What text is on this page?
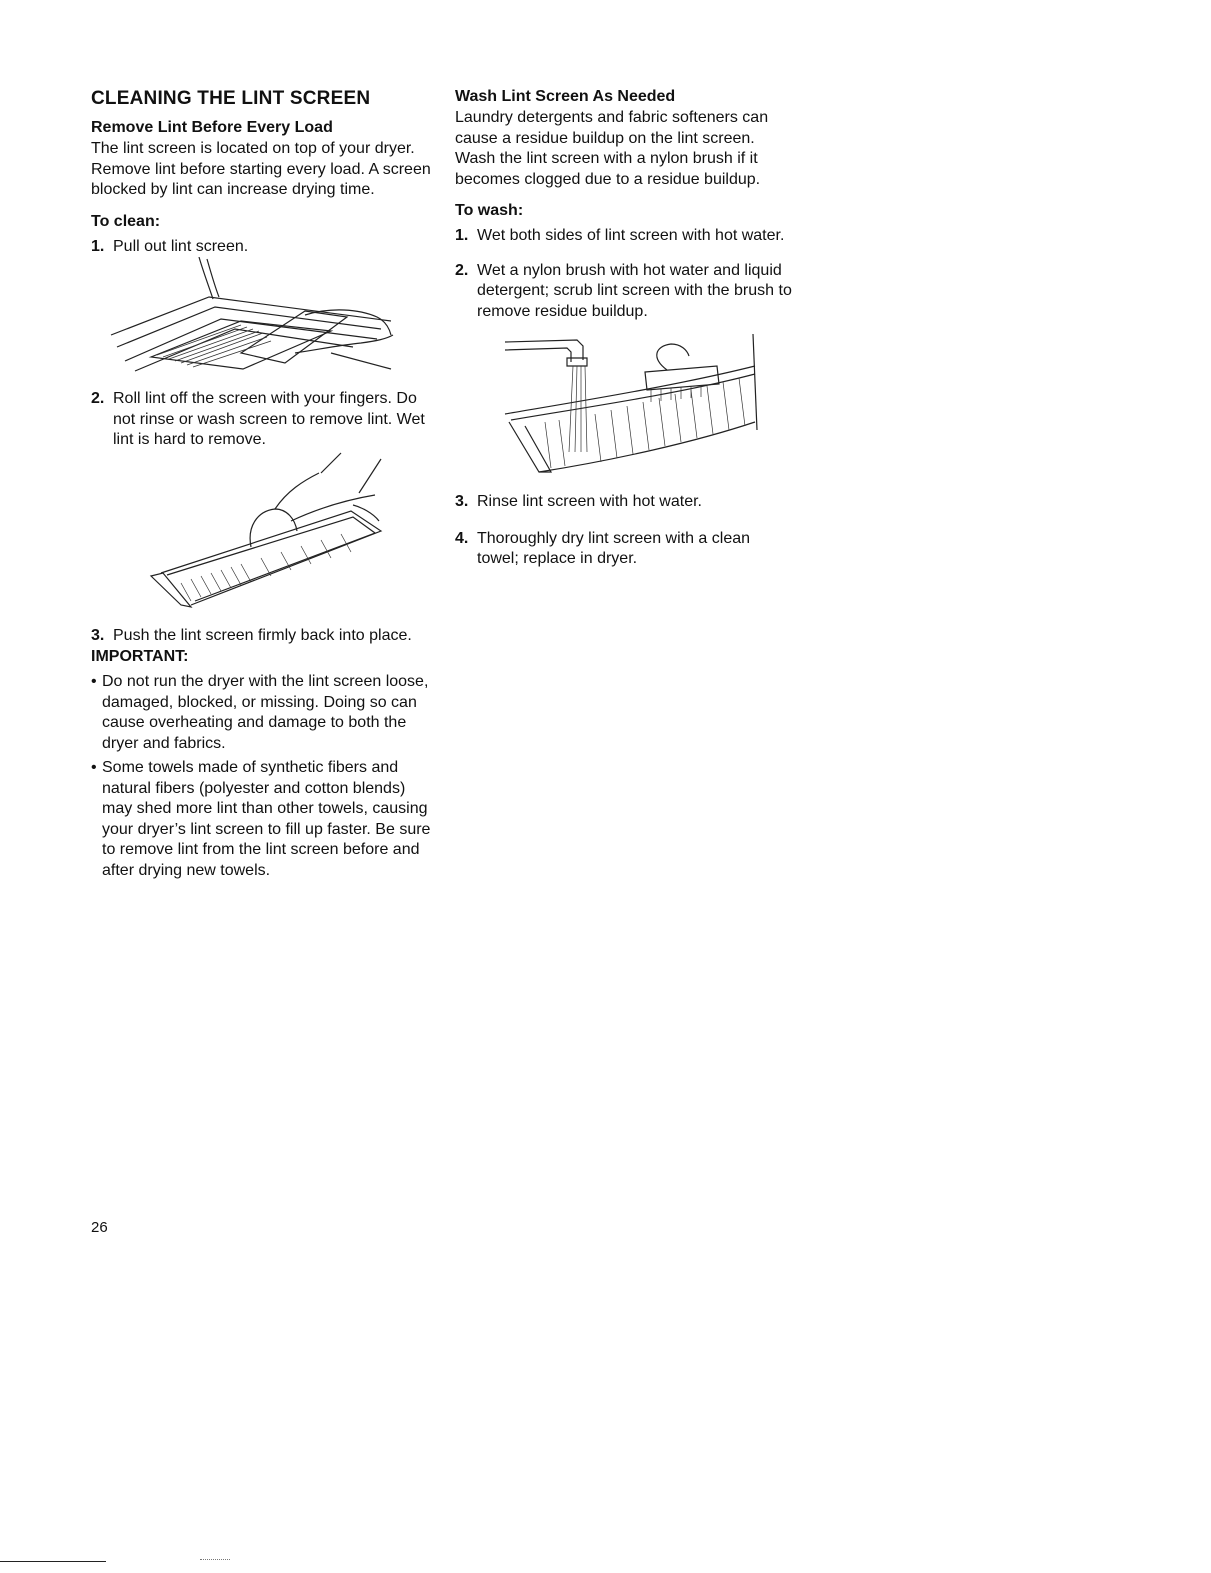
CLEANING THE LINT SCREEN
Remove Lint Before Every Load

The lint screen is located on top of your dryer. Remove lint before starting every load. A screen blocked by lint can increase drying time.

To clean:
1. Pull out lint screen.
2. Roll lint off the screen with your fingers. Do not rinse or wash screen to remove lint. Wet lint is hard to remove.
3. Push the lint screen firmly back into place.
IMPORTANT:
• Do not run the dryer with the lint screen loose, damaged, blocked, or missing. Doing so can cause overheating and damage to both the dryer and fabrics.
• Some towels made of synthetic fibers and natural fibers (polyester and cotton blends) may shed more lint than other towels, causing your dryer’s lint screen to fill up faster. Be sure to remove lint from the lint screen before and after drying new towels.
Wash Lint Screen As Needed

Laundry detergents and fabric softeners can cause a residue buildup on the lint screen. Wash the lint screen with a nylon brush if it becomes clogged due to a residue buildup.

To wash:
1. Wet both sides of lint screen with hot water.
2. Wet a nylon brush with hot water and liquid detergent; scrub lint screen with the brush to remove residue buildup.
3. Rinse lint screen with hot water.
4. Thoroughly dry lint screen with a clean towel; replace in dryer.
26
